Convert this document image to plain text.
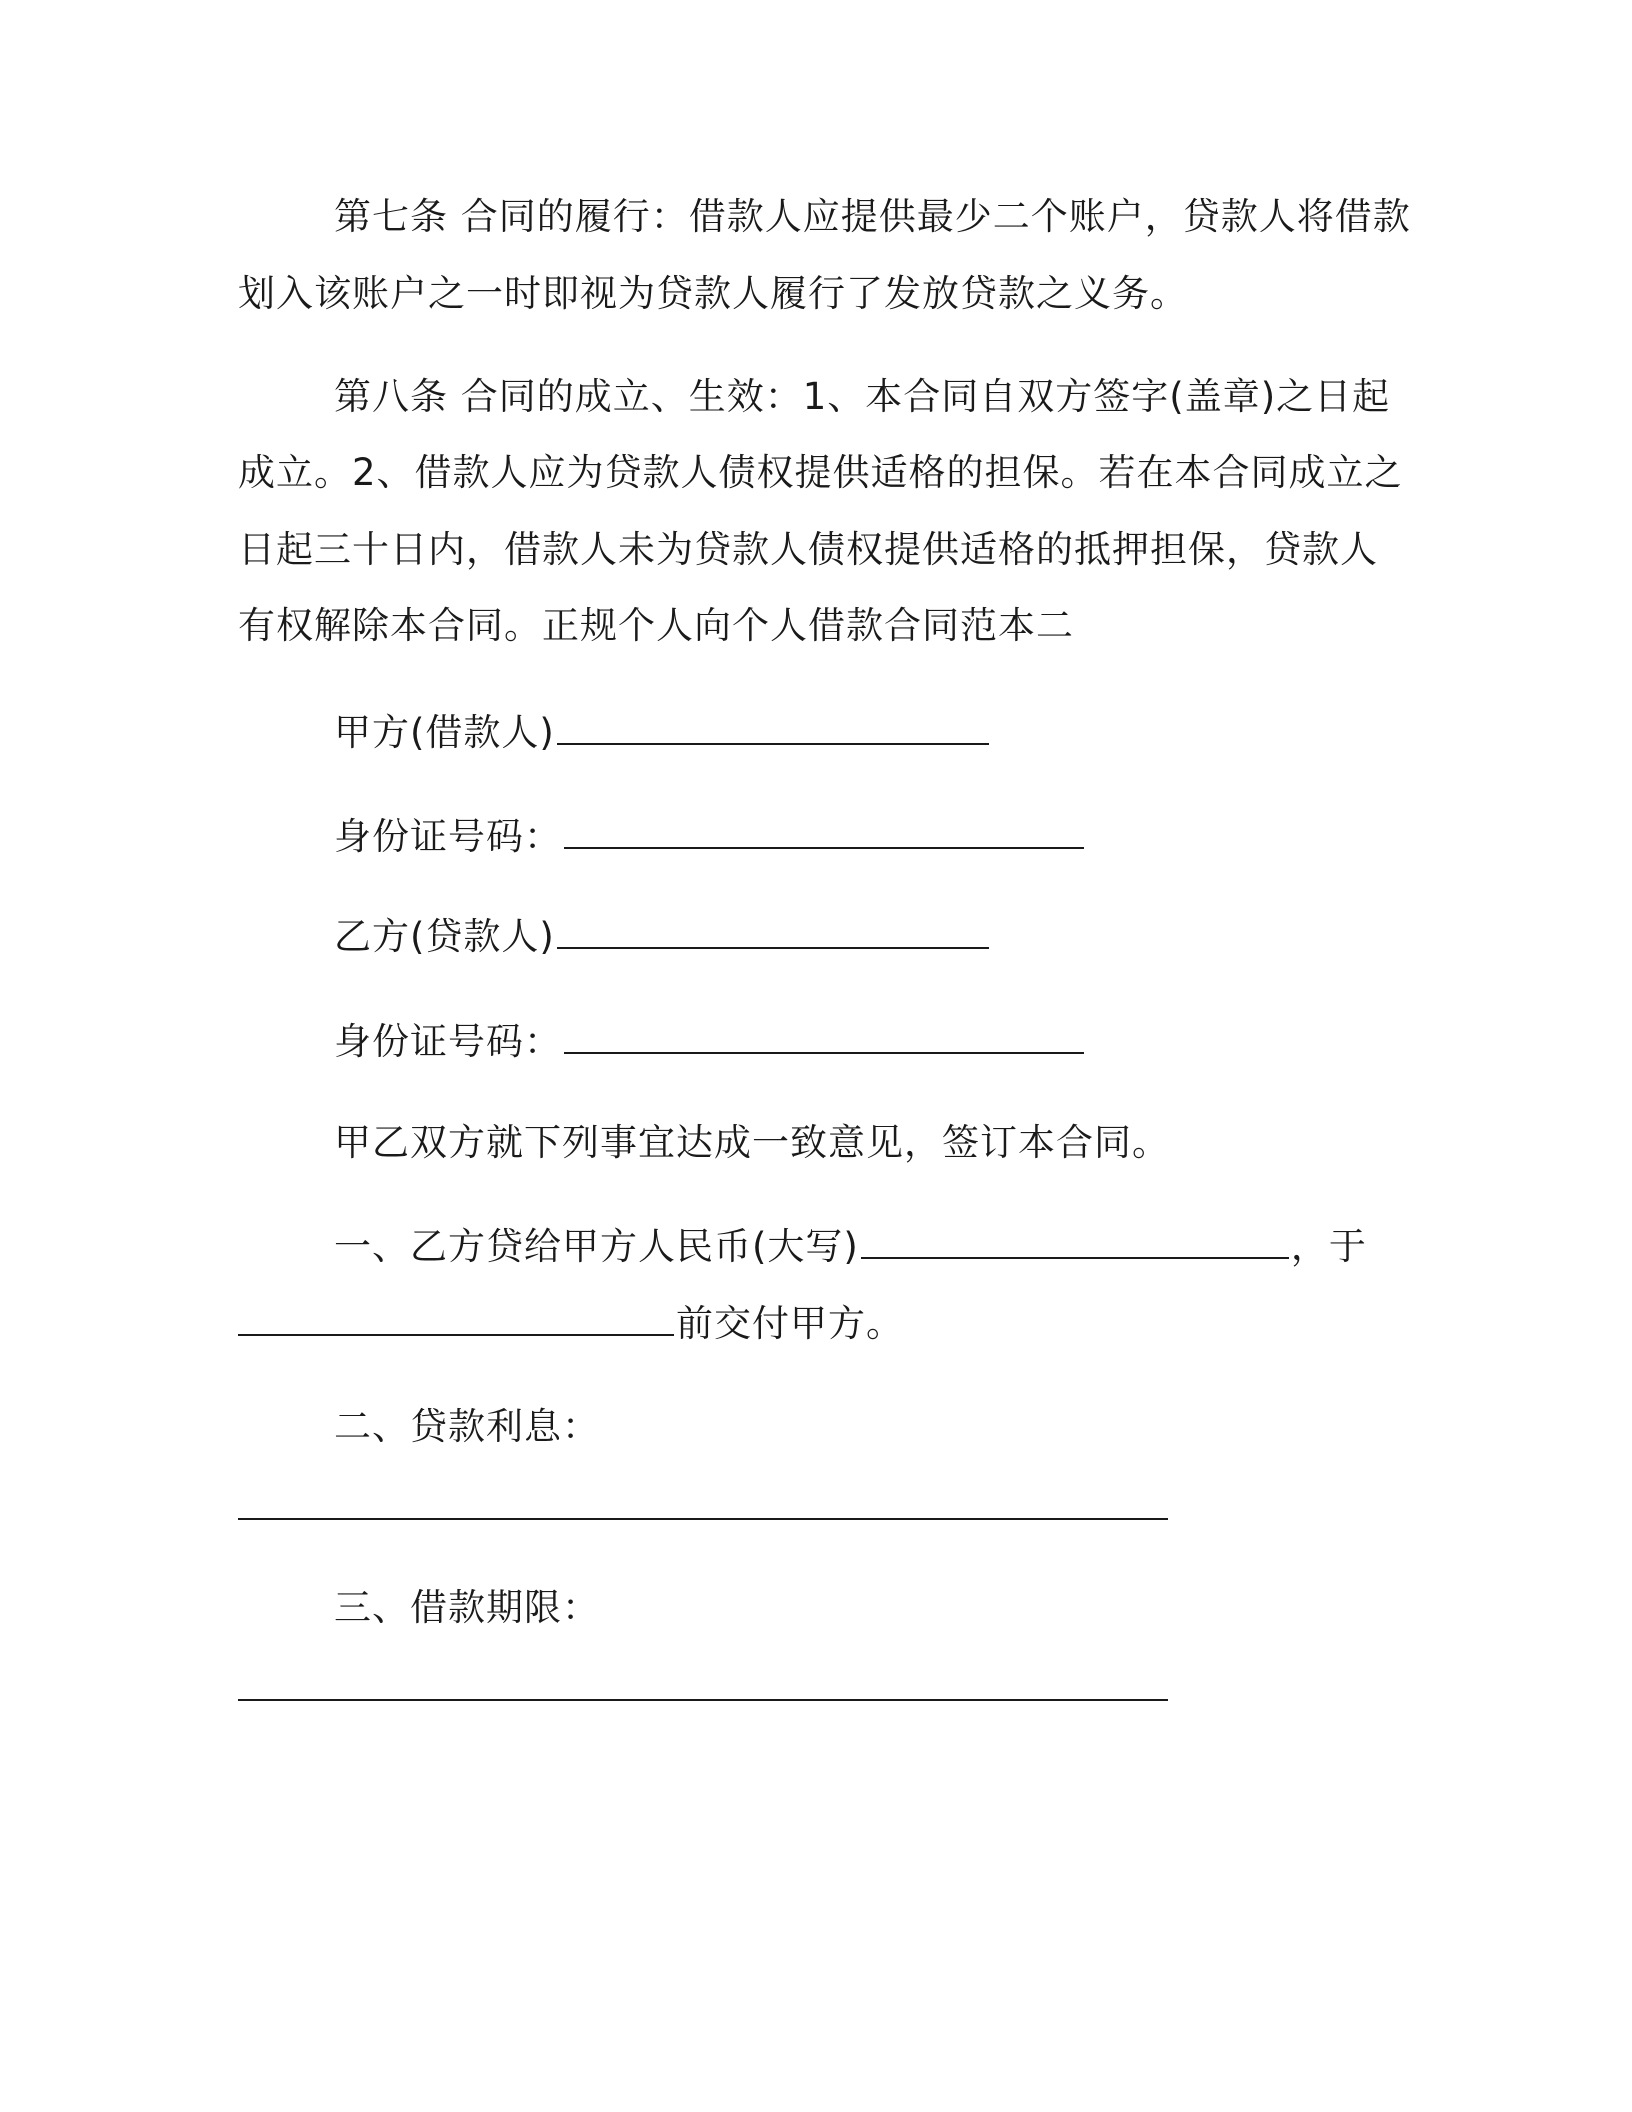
第七条 合同的履行：借款人应提供最少二个账户，贷款人将借款
划入该账户之一时即视为贷款人履行了发放贷款之义务。
第八条 合同的成立、生效：1、本合同自双方签字(盖章)之日起
成立。2、借款人应为贷款人债权提供适格的担保。若在本合同成立之
日起三十日内，借款人未为贷款人债权提供适格的抵押担保，贷款人
有权解除本合同。正规个人向个人借款合同范本二
甲方(借款人)
身份证号码：
乙方(贷款人)
身份证号码：
甲乙双方就下列事宜达成一致意见，签订本合同。
一、乙方贷给甲方人民币(大写)	，于
前交付甲方。
二、贷款利息：
三、借款期限：
